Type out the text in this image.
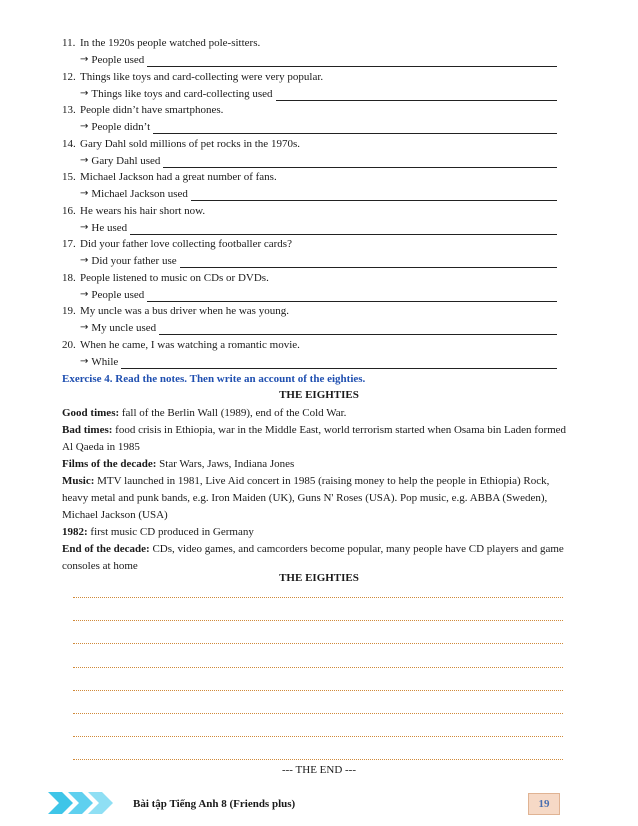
11. In the 1920s people watched pole-sitters.
→ People used
12. Things like toys and card-collecting were very popular.
→ Things like toys and card-collecting used
13. People didn’t have smartphones.
→ People didn’t
14. Gary Dahl sold millions of pet rocks in the 1970s.
→ Gary Dahl used
15. Michael Jackson had a great number of fans.
→ Michael Jackson used
16. He wears his hair short now.
→ He used
17. Did your father love collecting footballer cards?
→ Did your father use
18. People listened to music on CDs or DVDs.
→ People used
19. My uncle was a bus driver when he was young.
→ My uncle used
20. When he came, I was watching a romantic movie.
→ While
Exercise 4. Read the notes. Then write an account of the eighties.
THE EIGHTIES

Good times: fall of the Berlin Wall (1989), end of the Cold War.

Bad times: food crisis in Ethiopia, war in the Middle East, world terrorism started when Osama bin Laden formed Al Qaeda in 1985

Films of the decade: Star Wars, Jaws, Indiana Jones

Music: MTV launched in 1981, Live Aid concert in 1985 (raising money to help the people in Ethiopia) Rock, heavy metal and punk bands, e.g. Iron Maiden (UK), Guns N' Roses (USA). Pop music, e.g. ABBA (Sweden), Michael Jackson (USA)

1982: first music CD produced in Germany

End of the decade: CDs, video games, and camcorders become popular, many people have CD players and game consoles at home

THE EIGHTIES
--- THE END ---
Bài tập Tiếng Anh 8 (Friends plus)	19
